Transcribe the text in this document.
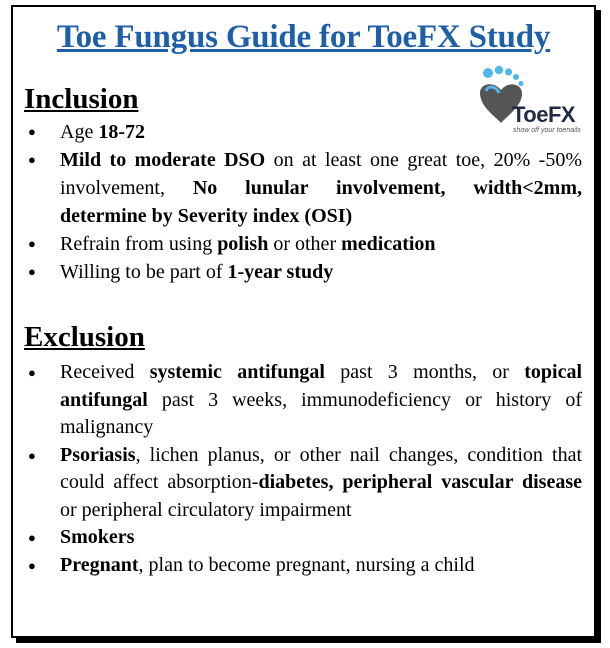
Toe Fungus Guide for ToeFX Study
ToeFX
show off your toenails
Inclusion
● Age 18-72
● Mild to moderate DSO on at least one great toe, 20% -50% involvement, No lunular involvement, width<2mm, determine by Severity index (OSI)
● Refrain from using polish or other medication
● Willing to be part of 1-year study
Exclusion
● Received systemic antifungal past 3 months, or topical antifungal past 3 weeks, immunodeficiency or history of malignancy
● Psoriasis, lichen planus, or other nail changes, condition that could affect absorption-diabetes, peripheral vascular disease or peripheral circulatory impairment
● Smokers
● Pregnant, plan to become pregnant, nursing a child
